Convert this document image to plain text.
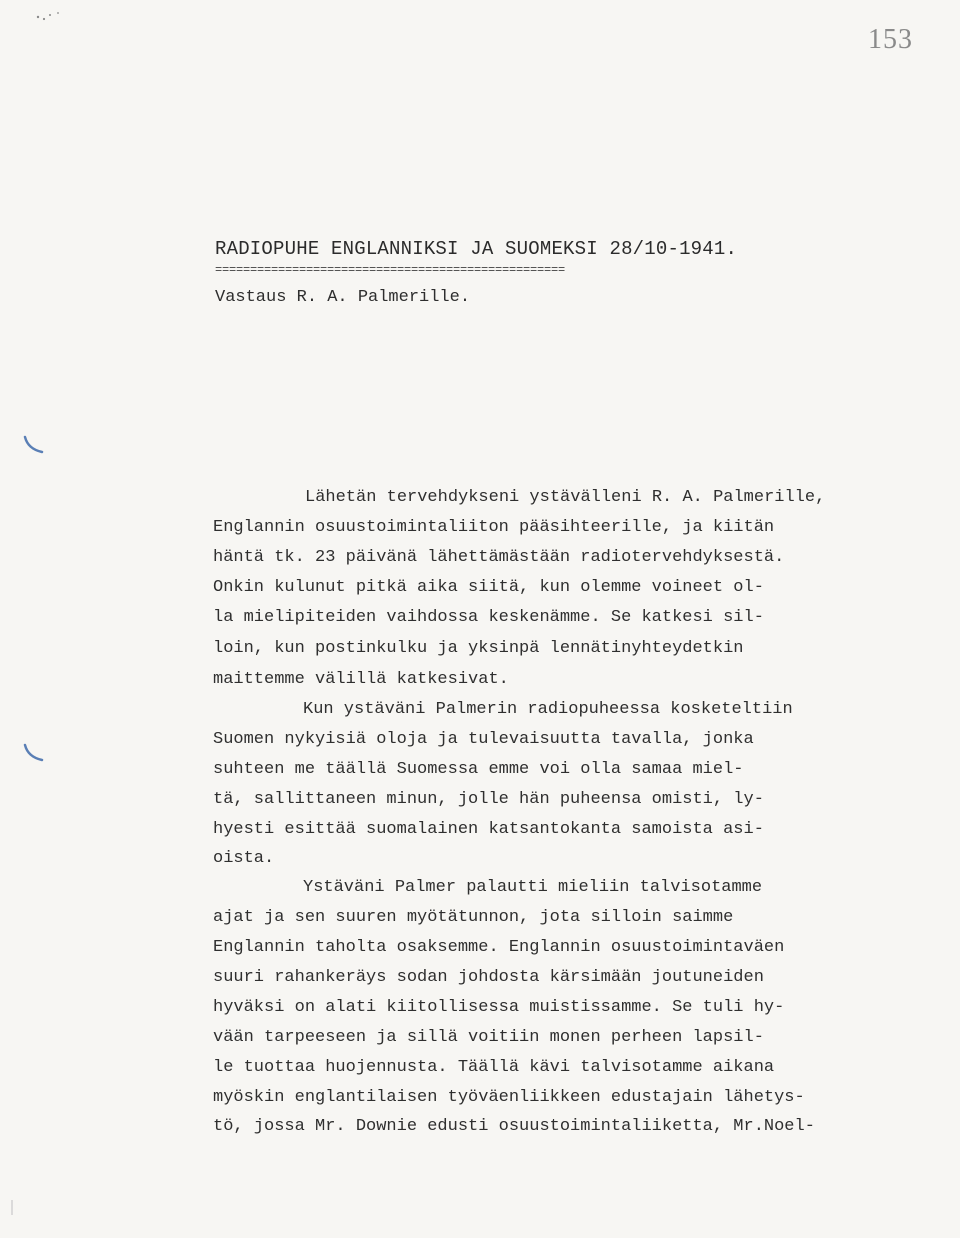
153
RADIOPUHE ENGLANNIKSI JA SUOMEKSI 28/10-1941.
==================================================
Vastaus R. A. Palmerille.
Lähetän tervehdykseni ystävälleni R. A. Palmerille,
Englannin osuustoimintaliiton pääsihteerille, ja kiitän
häntä tk. 23 päivänä lähettämästään radiotervehdyksestä.
Onkin kulunut pitkä aika siitä, kun olemme voineet ol-
la mielipiteiden vaihdossa keskenämme. Se katkesi sil-
loin, kun postinkulku ja yksinpä lennätinyhteydetkin
maittemme välillä katkesivat.
Kun ystäväni Palmerin radiopuheessa kosketeltiin
Suomen nykyisiä oloja ja tulevaisuutta tavalla, jonka
suhteen me täällä Suomessa emme voi olla samaa miel-
tä, sallittaneen minun, jolle hän puheensa omisti, ly-
hyesti esittää suomalainen katsantokanta samoista asi-
oista.
Ystäväni Palmer palautti mieliin talvisotamme
ajat ja sen suuren myötätunnon, jota silloin saimme
Englannin taholta osaksemme. Englannin osuustoimintaväen
suuri rahankeräys sodan johdosta kärsimään joutuneiden
hyväksi on alati kiitollisessa muistissamme. Se tuli hy-
vään tarpeeseen ja sillä voitiin monen perheen lapsil-
le tuottaa huojennusta. Täällä kävi talvisotamme aikana
myöskin englantilaisen työväenliikkeen edustajain lähetys-
tö, jossa Mr. Downie edusti osuustoimintaliiketta, Mr.Noel-
